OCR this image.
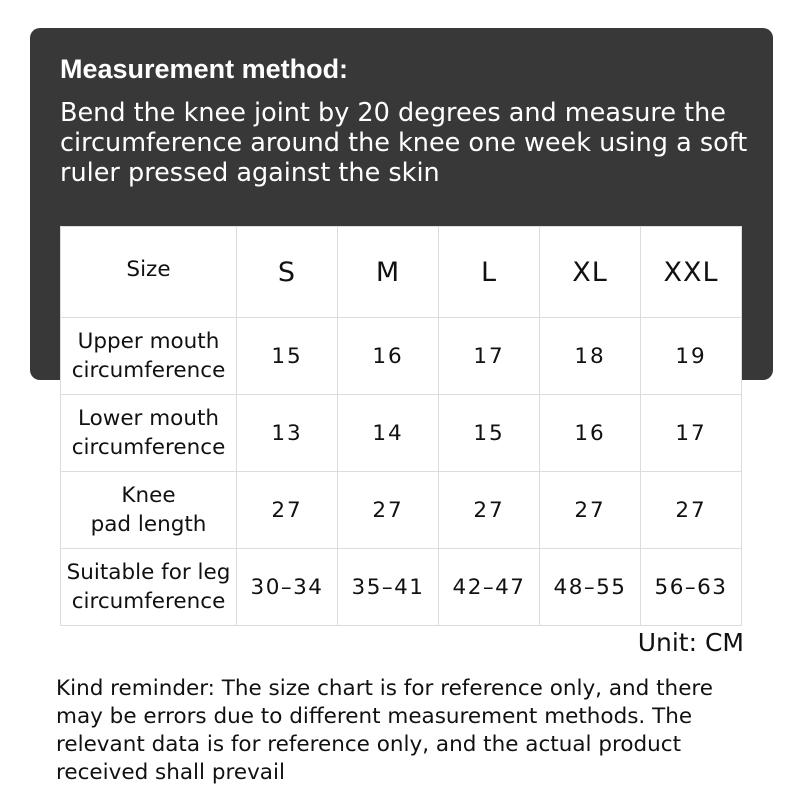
Measurement method:

Bend the knee joint by 20 degrees and measure the circumference around the knee one week using a soft ruler pressed against the skin

Size	S	M	L	XL	XXL
Upper mouth
circumference	15	16	17	18	19
Lower mouth
circumference	13	14	15	16	17
Knee
pad length	27	27	27	27	27
Suitable for leg
circumference	30–34	35–41	42–47	48–55	56–63
Unit: CM

Kind reminder: The size chart is for reference only, and there may be errors due to different measurement methods. The relevant data is for reference only, and the actual product received shall prevail
